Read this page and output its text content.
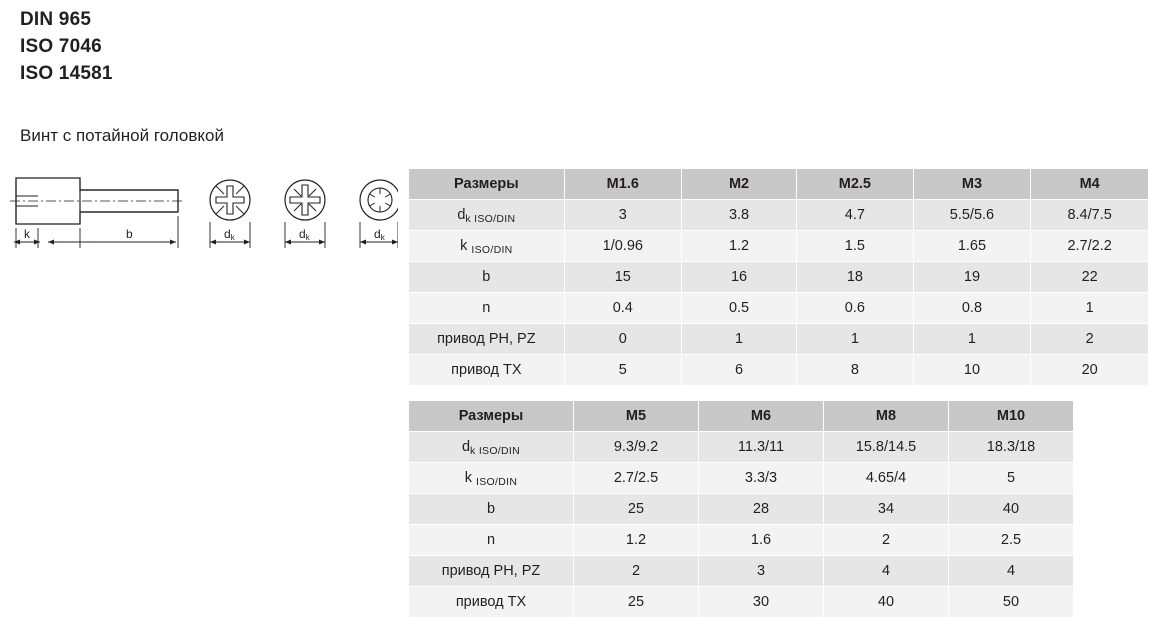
DIN 965
ISO 7046
ISO 14581
Винт с потайной головкой
k	b	dk	dk	dk
Размеры	M1.6	M2	M2.5	M3	M4
$d_{k ISO/DIN}$	3	3.8	4.7	5.5/5.6	8.4/7.5
k $_{ISO/DIN}$	1/0.96	1.2	1.5	1.65	2.7/2.2
b	15	16	18	19	22
n	0.4	0.5	0.6	0.8	1
привод PH, PZ	0	1	1	1	2
привод TX	5	6	8	10	20
Размеры	M5	M6	M8	M10
$d_{k ISO/DIN}$	9.3/9.2	11.3/11	15.8/14.5	18.3/18
k $_{ISO/DIN}$	2.7/2.5	3.3/3	4.65/4	5
b	25	28	34	40
n	1.2	1.6	2	2.5
привод PH, PZ	2	3	4	4
привод TX	25	30	40	50
